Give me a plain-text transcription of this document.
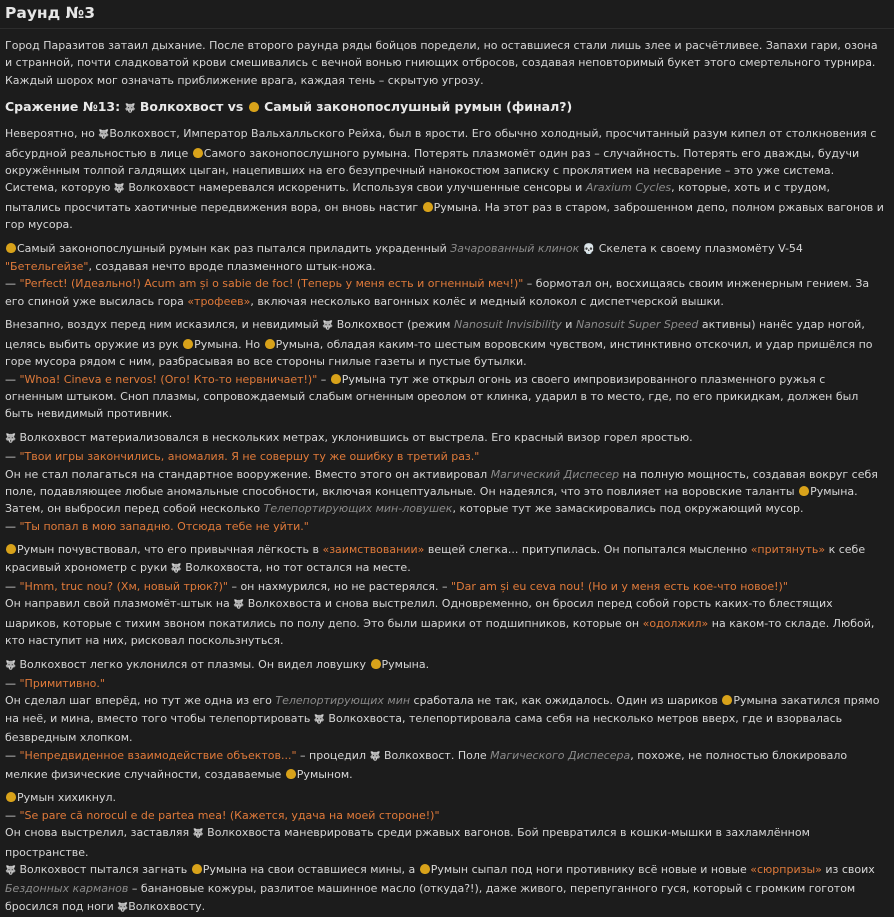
Раунд №3

Город Паразитов затаил дыхание. После второго раунда ряды бойцов поредели, но оставшиеся стали лишь злее и расчётливее. Запахи гари, озона и странной, почти сладковатой крови смешивались с вечной вонью гниющих отбросов, создавая неповторимый букет этого смертельного турнира. Каждый шорох мог означать приближение врага, каждая тень – скрытую угрозу.

Сражение №13: 🐺 Волкохвост vs  Самый законопослушный румын (финал?)

Невероятно, но 🐺Волкохвост, Император Вальхалльского Рейха, был в ярости. Его обычно холодный, просчитанный разум кипел от столкновения с абсурдной реальностью в лице Самого законопослушного румына. Потерять плазмомёт один раз – случайность. Потерять его дважды, будучи окружённым толпой галдящих цыган, нацепивших на его безупречный нанокостюм записку с проклятием на несварение – это уже система. Система, которую 🐺 Волкохвост намеревался искоренить. Используя свои улучшенные сенсоры и Araxium Cycles, которые, хоть и с трудом, пытались просчитать хаотичные передвижения вора, он вновь настиг Румына. На этот раз в старом, заброшенном депо, полном ржавых вагонов и гор мусора.

Самый законопослушный румын как раз пытался приладить украденный Зачарованный клинок 💀 Скелета к своему плазмомёту V-54 "Бетельгейзе", создавая нечто вроде плазменного штык-ножа.
— "Perfect! (Идеально!) Acum am și o sabie de foc! (Теперь у меня есть и огненный меч!)" – бормотал он, восхищаясь своим инженерным гением. За его спиной уже высилась гора «трофеев», включая несколько вагонных колёс и медный колокол с диспетчерской вышки.

Внезапно, воздух перед ним исказился, и невидимый 🐺 Волкохвост (режим Nanosuit Invisibility и Nanosuit Super Speed активны) нанёс удар ногой, целясь выбить оружие из рук Румына. Но Румына, обладая каким-то шестым воровским чувством, инстинктивно отскочил, и удар пришёлся по горе мусора рядом с ним, разбрасывая во все стороны гнилые газеты и пустые бутылки.
— "Whoa! Cineva e nervos! (Ого! Кто-то нервничает!)" – Румына тут же открыл огонь из своего импровизированного плазменного ружья с огненным штыком. Сноп плазмы, сопровождаемый слабым огненным ореолом от клинка, ударил в то место, где, по его прикидкам, должен был быть невидимый противник.

🐺 Волкохвост материализовался в нескольких метрах, уклонившись от выстрела. Его красный визор горел яростью.
— "Твои игры закончились, аномалия. Я не совершу ту же ошибку в третий раз."
Он не стал полагаться на стандартное вооружение. Вместо этого он активировал Магический Диспесер на полную мощность, создавая вокруг себя поле, подавляющее любые аномальные способности, включая концептуальные. Он надеялся, что это повлияет на воровские таланты Румына. Затем, он выбросил перед собой несколько Телепортирующих мин-ловушек, которые тут же замаскировались под окружающий мусор.
— "Ты попал в мою западню. Отсюда тебе не уйти."

Румын почувствовал, что его привычная лёгкость в «заимствовании» вещей слегка... притупилась. Он попытался мысленно «притянуть» к себе красивый хронометр с руки 🐺 Волкохвоста, но тот остался на месте.
— "Hmm, truc nou? (Хм, новый трюк?)" – он нахмурился, но не растерялся. – "Dar am și eu ceva nou! (Но и у меня есть кое-что новое!)"
Он направил свой плазмомёт-штык на 🐺 Волкохвоста и снова выстрелил. Одновременно, он бросил перед собой горсть каких-то блестящих шариков, которые с тихим звоном покатились по полу депо. Это были шарики от подшипников, которые он «одолжил» на каком-то складе. Любой, кто наступит на них, рисковал поскользнуться.

🐺 Волкохвост легко уклонился от плазмы. Он видел ловушку Румына.
— "Примитивно."
Он сделал шаг вперёд, но тут же одна из его Телепортирующих мин сработала не так, как ожидалось. Один из шариков Румына закатился прямо на неё, и мина, вместо того чтобы телепортировать 🐺 Волкохвоста, телепортировала сама себя на несколько метров вверх, где и взорвалась безвредным хлопком.
— "Непредвиденное взаимодействие объектов..." – процедил 🐺 Волкохвост. Поле Магического Диспесера, похоже, не полностью блокировало мелкие физические случайности, создаваемые Румыном.

Румын хихикнул.
— "Se pare că norocul e de partea mea! (Кажется, удача на моей стороне!)"
Он снова выстрелил, заставляя 🐺 Волкохвоста маневрировать среди ржавых вагонов. Бой превратился в кошки-мышки в захламлённом пространстве.
🐺 Волкохвост пытался загнать Румына на свои оставшиеся мины, а Румын сыпал под ноги противнику всё новые и новые «сюрпризы» из своих Бездонных карманов – банановые кожуры, разлитое машинное масло (откуда?!), даже живого, перепуганного гуся, который с громким гоготом бросился под ноги 🐺Волкохвосту.
